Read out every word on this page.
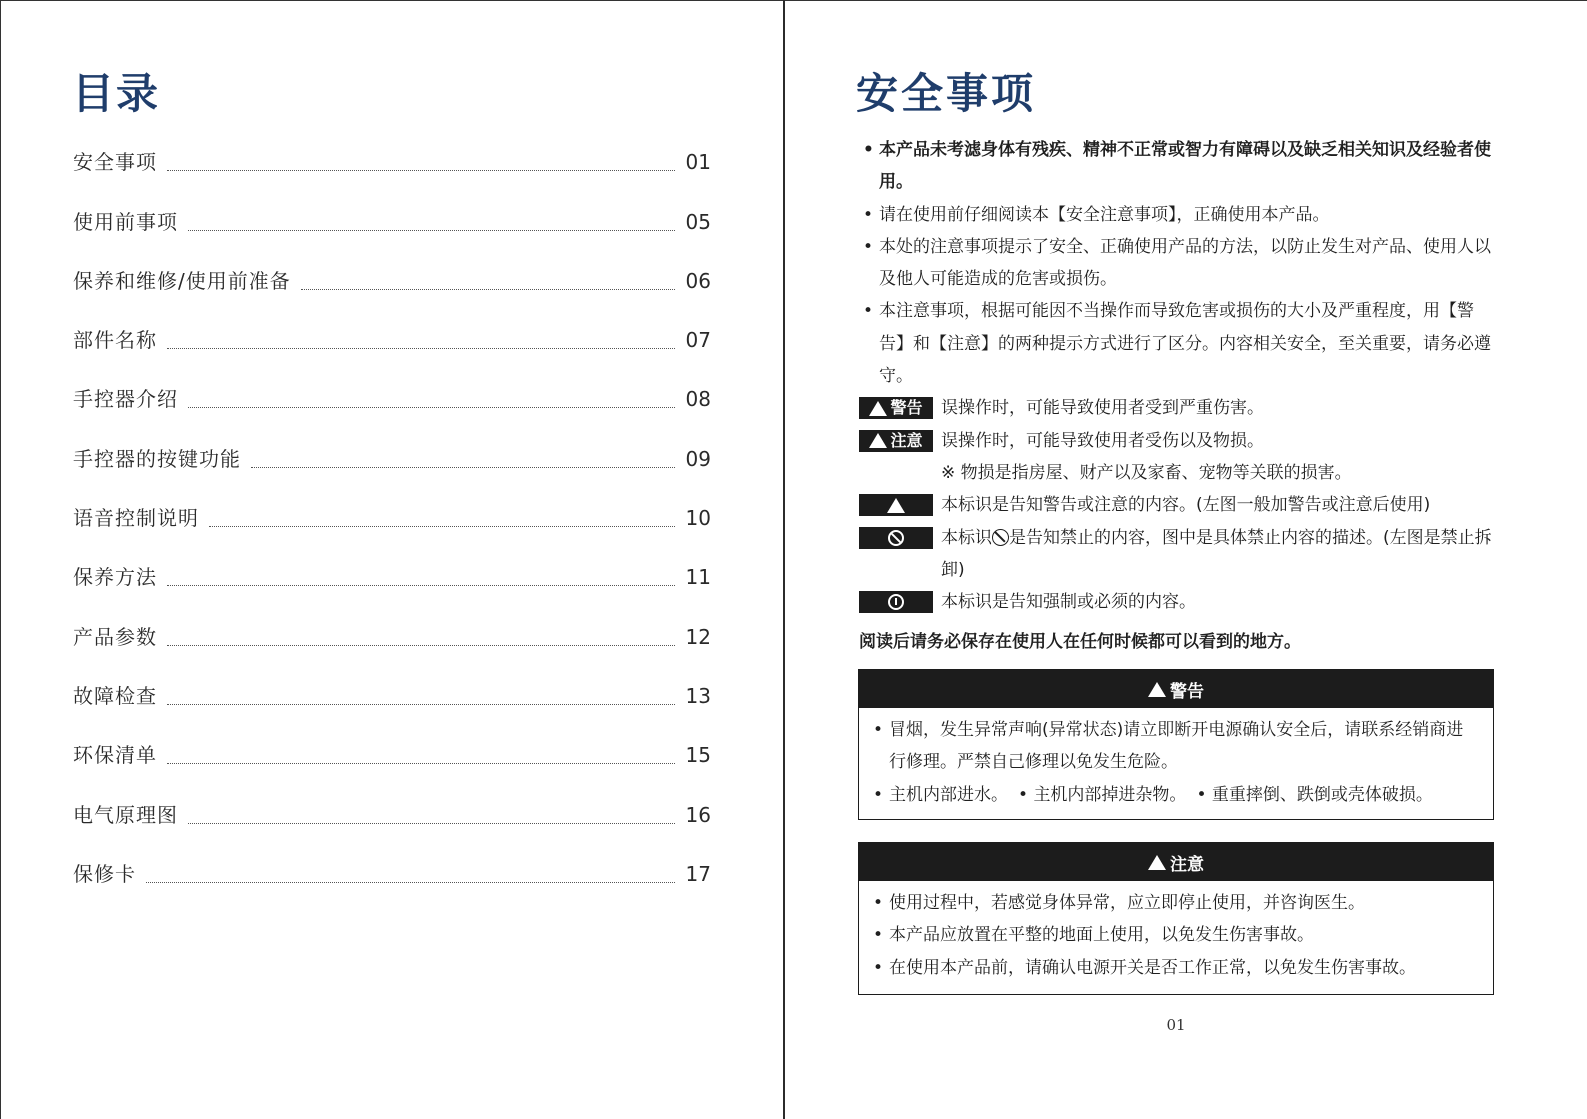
目录
安全事项	01
使用前事项	05
保养和维修/使用前准备	06
部件名称	07
手控器介绍	08
手控器的按键功能	09
语音控制说明	10
保养方法	11
产品参数	12
故障检查	13
环保清单	15
电气原理图	16
保修卡	17
安全事项

• 本产品未考滤身体有残疾、精神不正常或智力有障碍以及缺乏相关知识及经验者使用。

• 请在使用前仔细阅读本【安全注意事项】，正确使用本产品。

• 本处的注意事项提示了安全、正确使用产品的方法，以防止发生对产品、使用人以及他人可能造成的危害或损伤。

• 本注意事项，根据可能因不当操作而导致危害或损伤的大小及严重程度，用【警告】和【注意】的两种提示方式进行了区分。内容相关安全，至关重要，请务必遵守。

警告 误操作时，可能导致使用者受到严重伤害。

注意 误操作时，可能导致使用者受伤以及物损。

※ 物损是指房屋、财产以及家畜、宠物等关联的损害。

本标识是告知警告或注意的内容。(左图一般加警告或注意后使用)

本标识 是告知禁止的内容，图中是具体禁止内容的描述。(左图是禁止拆卸)

本标识是告知强制或必须的内容。

阅读后请务必保存在使用人在任何时候都可以看到的地方。

警告

• 冒烟，发生异常声响(异常状态)请立即断开电源确认安全后，请联系经销商进行修理。严禁自己修理以免发生危险。

• 主机内部进水。 • 主机内部掉进杂物。 • 重重摔倒、跌倒或壳体破损。

注意

• 使用过程中，若感觉身体异常，应立即停止使用，并咨询医生。

• 本产品应放置在平整的地面上使用，以免发生伤害事故。

• 在使用本产品前，请确认电源开关是否工作正常，以免发生伤害事故。

01
